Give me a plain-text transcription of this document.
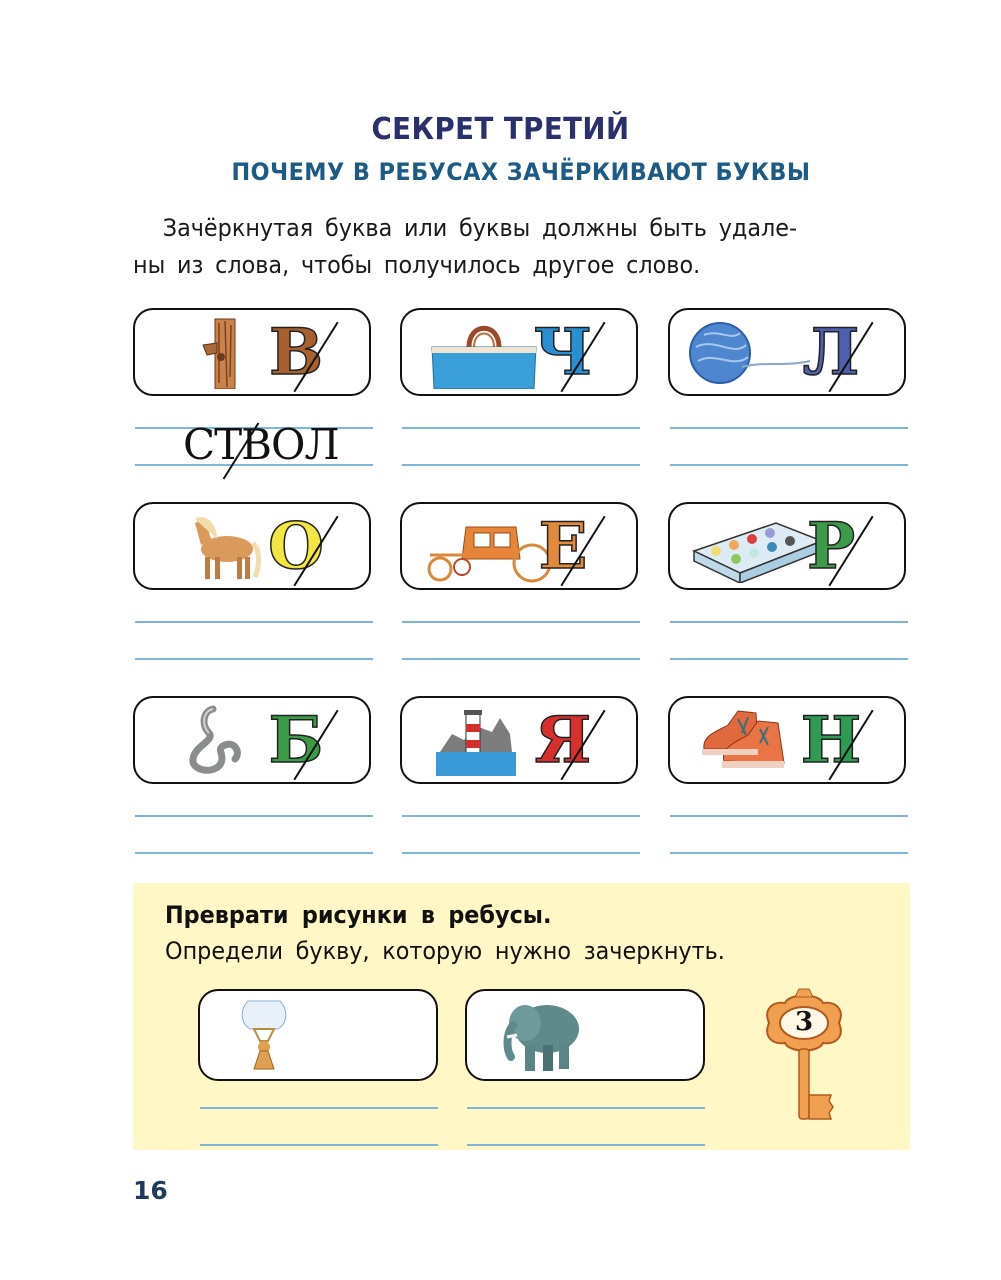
СЕКРЕТ ТРЕТИЙ
ПОЧЕМУ В РЕБУСАХ ЗАЧЁРКИВАЮТ БУКВЫ
Зачёркнутая буква или буквы должны быть удале-
ны из слова, чтобы получилось другое слово.
В
СТВОЛ
Ч	Л
О	Е	Р
Б	Я	Н
Преврати рисунки в ребусы.
Определи букву, которую нужно зачеркнуть.
3
16
